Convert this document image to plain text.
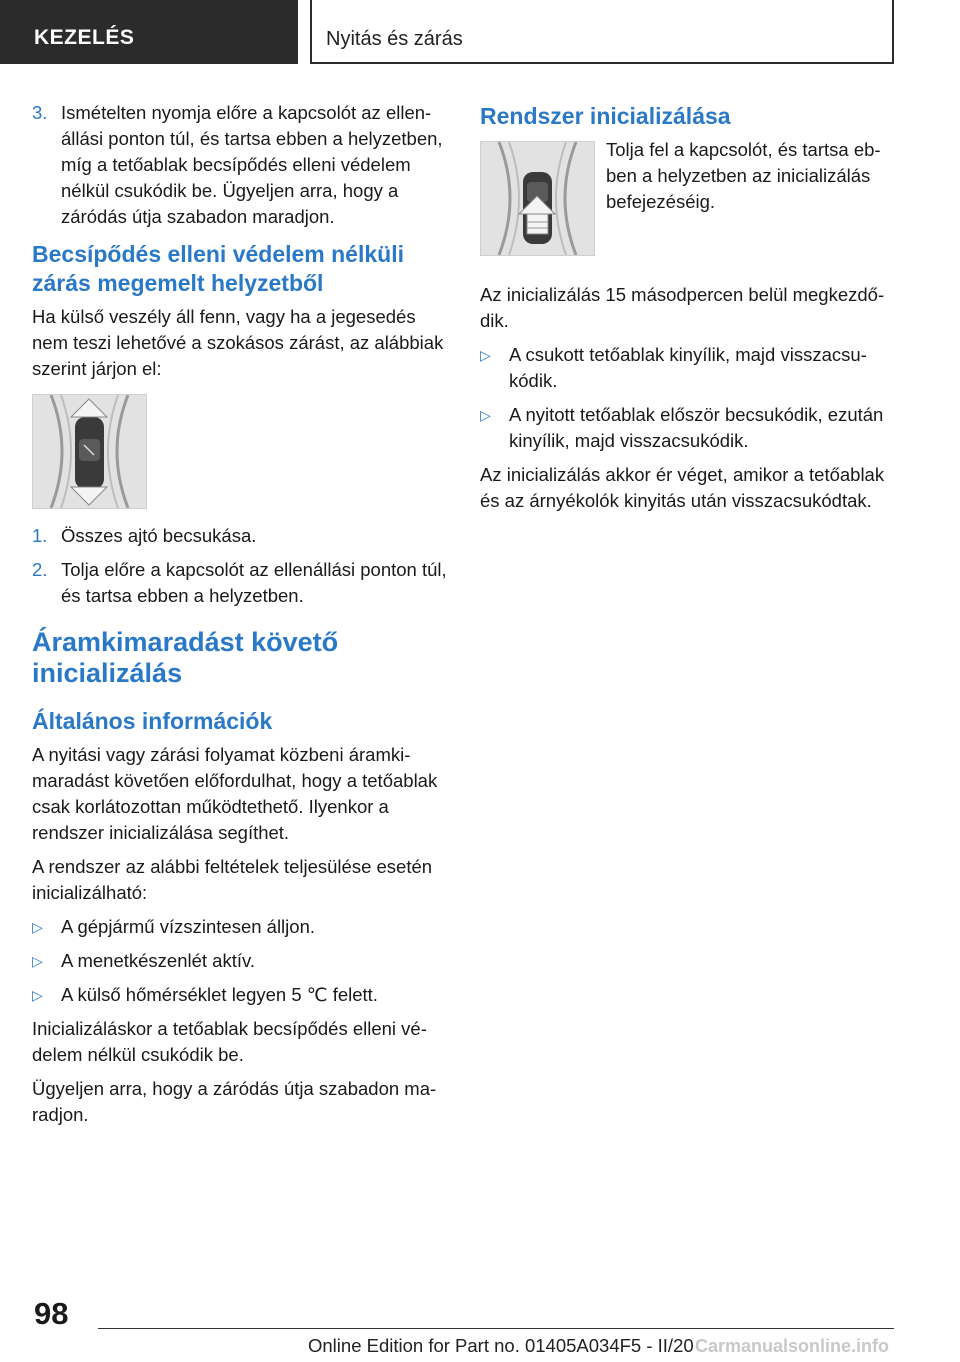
KEZELÉS	Nyitás és zárás
3. Ismételten nyomja előre a kapcsolót az ellenállási ponton túl, és tartsa ebben a helyzetben, míg a tetőablak becsípődés elleni védelem nélkül csukódik be. Ügyeljen arra, hogy a záródás útja szabadon maradjon.
Becsípődés elleni védelem nélküli zárás megemelt helyzetből

Ha külső veszély áll fenn, vagy ha a jegesedés nem teszi lehetővé a szokásos zárást, az alábbiak szerint járjon el:

1. Összes ajtó becsukása.
2. Tolja előre a kapcsolót az ellenállási ponton túl, és tartsa ebben a helyzetben.
Áramkimaradást követő inicializálás
Általános információk

A nyitási vagy zárási folyamat közbeni áramkimaradást követően előfordulhat, hogy a tetőablak csak korlátozottan működtethető. Ilyenkor a rendszer inicializálása segíthet.

A rendszer az alábbi feltételek teljesülése esetén inicializálható:

▷ A gépjármű vízszintesen álljon.
▷ A menetkészenlét aktív.
▷ A külső hőmérséklet legyen 5 ℃ felett.

Inicializáláskor a tetőablak becsípődés elleni védelem nélkül csukódik be.

Ügyeljen arra, hogy a záródás útja szabadon maradjon.

Rendszer inicializálása

Tolja fel a kapcsolót, és tartsa ebben a helyzetben az inicializálás befejezéséig.

Az inicializálás 15 másodpercen belül megkezdődik.

▷ A csukott tetőablak kinyílik, majd visszacsukódik.
▷ A nyitott tetőablak először becsukódik, ezután kinyílik, majd visszacsukódik.

Az inicializálás akkor ér véget, amikor a tetőablak és az árnyékolók kinyitás után visszacsukódtak.

98
Online Edition for Part no. 01405A034F5 - II/20 Carmanualsonline.info
